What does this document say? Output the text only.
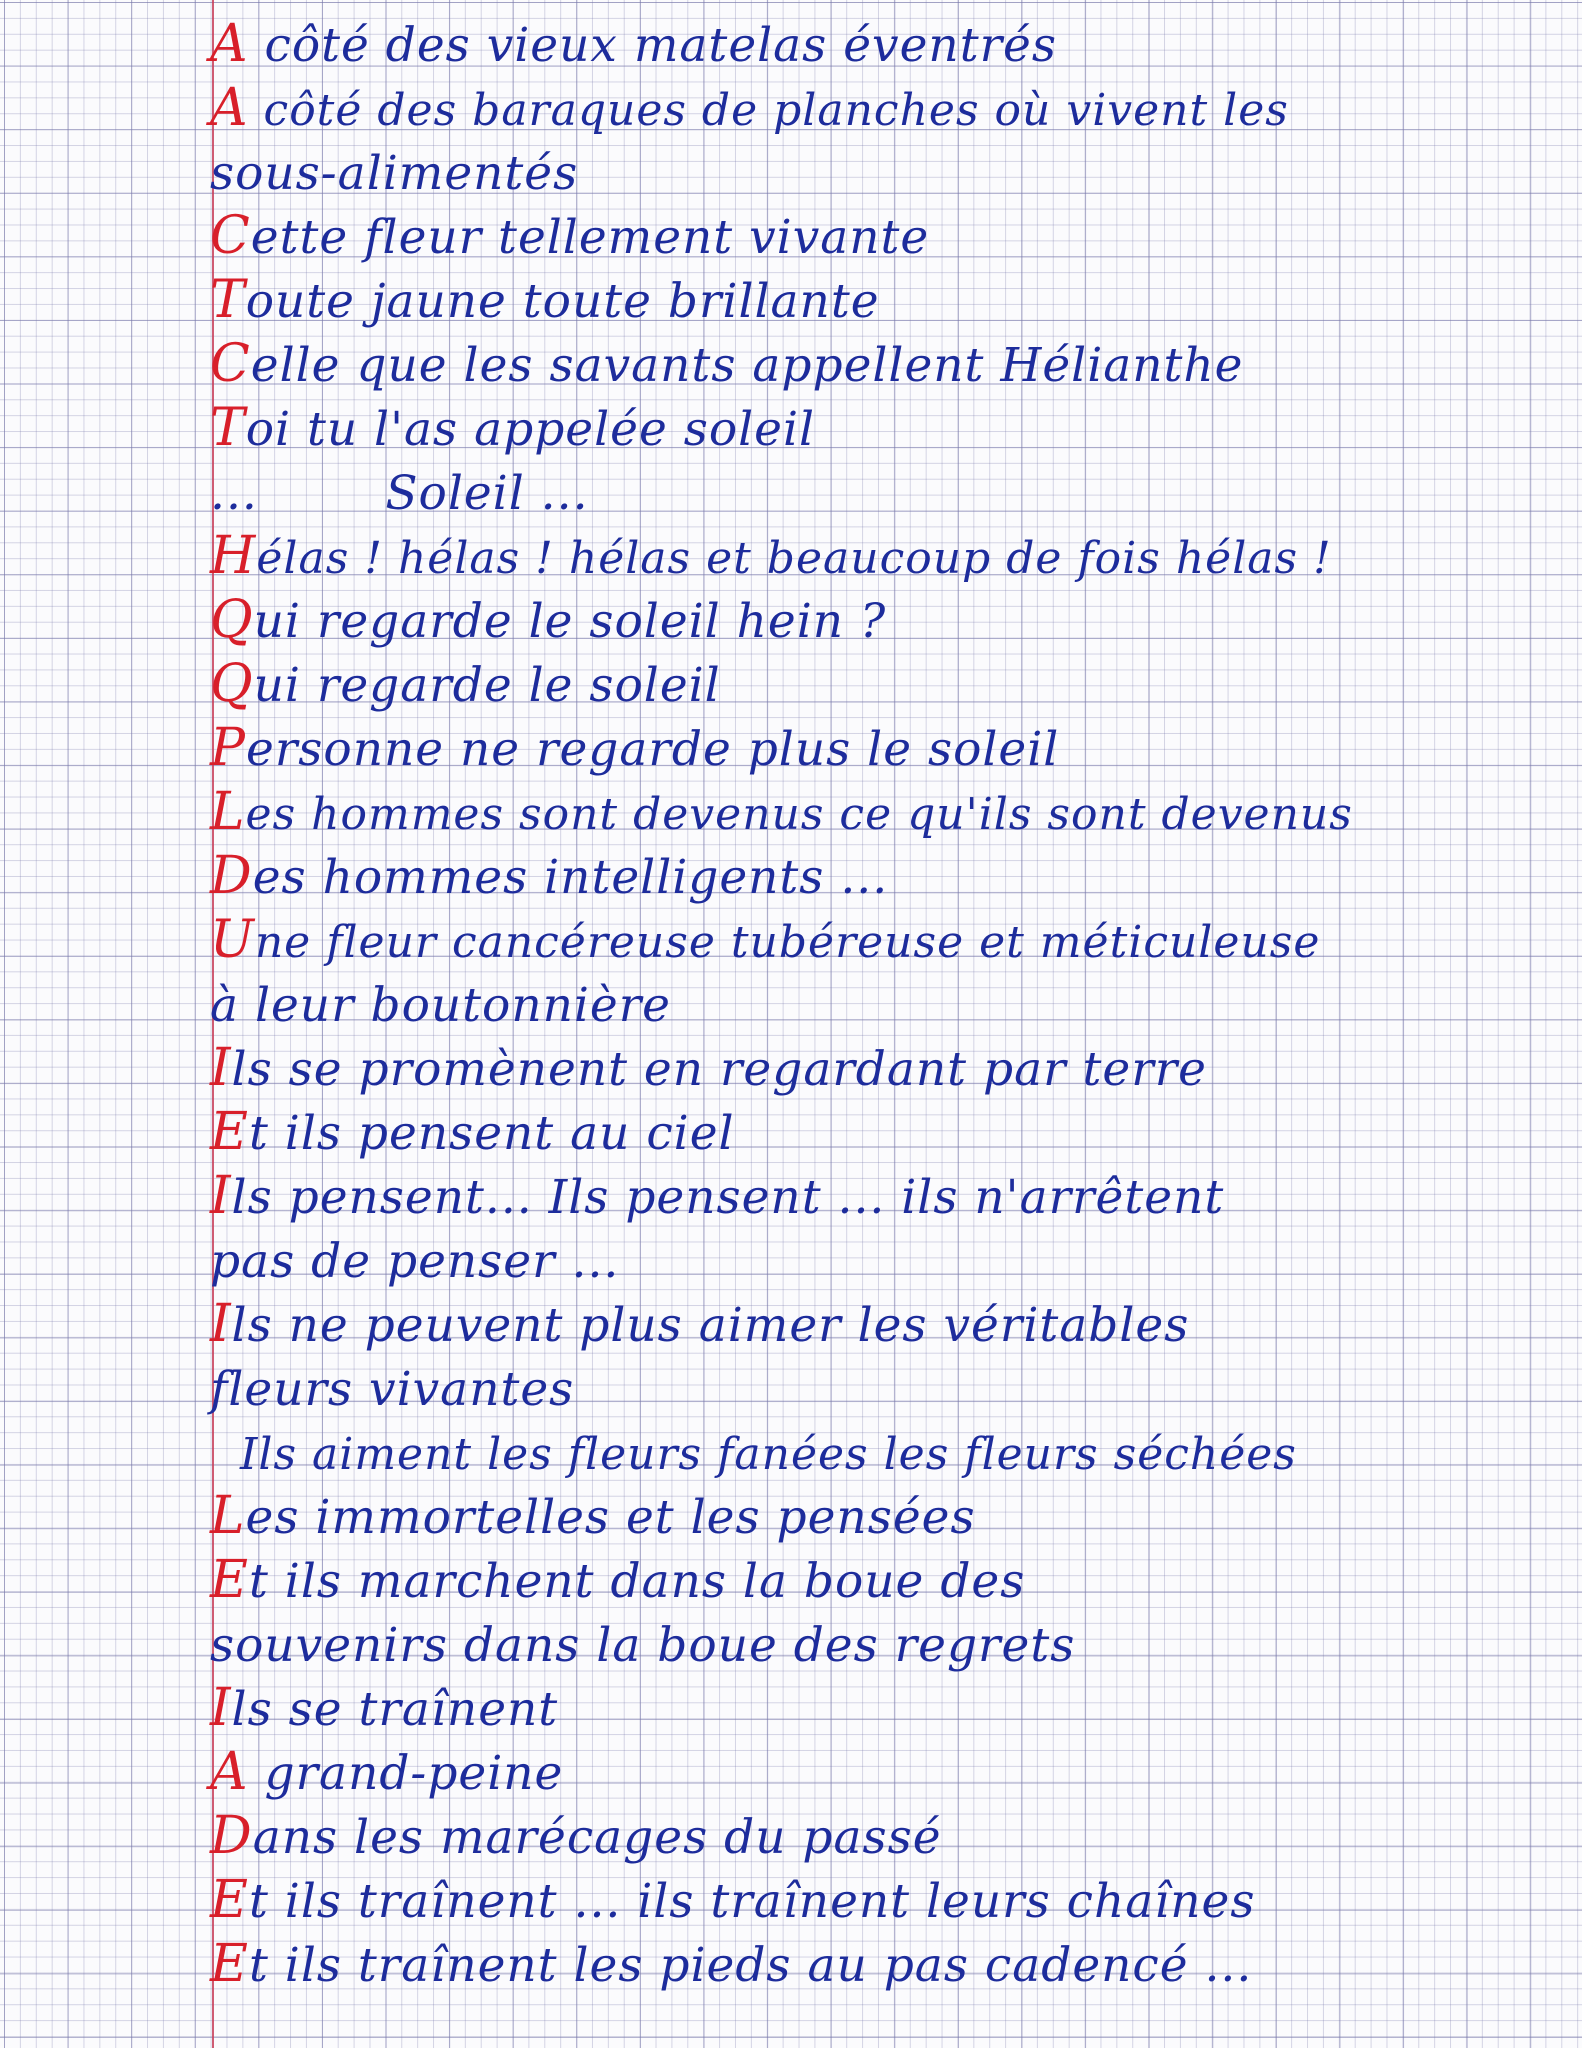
A côté des vieux matelas éventrés
A côté des baraques de planches où vivent les
sous-alimentés
Cette fleur tellement vivante
Toute jaune toute brillante
Celle que les savants appellent Hélianthe
Toi tu l'as appelée soleil
...        Soleil ...
Hélas ! hélas ! hélas et beaucoup de fois hélas !
Qui regarde le soleil hein ?
Qui regarde le soleil
Personne ne regarde plus le soleil
Les hommes sont devenus ce qu'ils sont devenus
Des hommes intelligents ...
Une fleur cancéreuse tubéreuse et méticuleuse
à leur boutonnière
Ils se promènent en regardant par terre
Et ils pensent au ciel
Ils pensent... Ils pensent ... ils n'arrêtent
pas de penser ...
Ils ne peuvent plus aimer les véritables
fleurs vivantes
Ils aiment les fleurs fanées les fleurs séchées
Les immortelles et les pensées
Et ils marchent dans la boue des
souvenirs dans la boue des regrets
Ils se traînent
A grand-peine
Dans les marécages du passé
Et ils traînent ... ils traînent leurs chaînes
Et ils traînent les pieds au pas cadencé ...
